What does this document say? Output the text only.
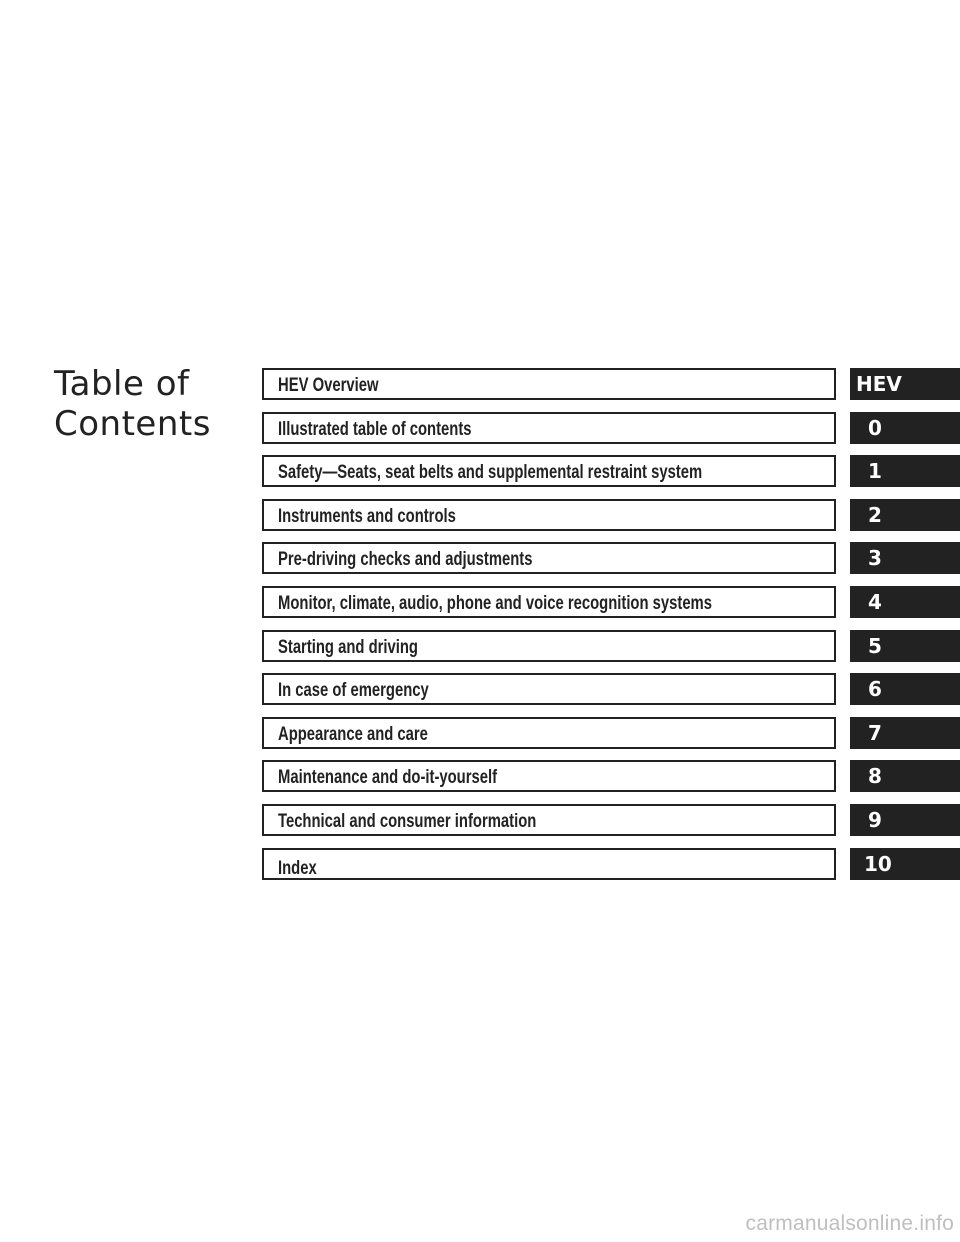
Table of
Contents
HEV Overview	HEV
Illustrated table of contents	0
Safety—Seats, seat belts and supplemental restraint system	1
Instruments and controls	2
Pre-driving checks and adjustments	3
Monitor, climate, audio, phone and voice recognition systems	4
Starting and driving	5
In case of emergency	6
Appearance and care	7
Maintenance and do-it-yourself	8
Technical and consumer information	9
Index	10
carmanualsonline.info
